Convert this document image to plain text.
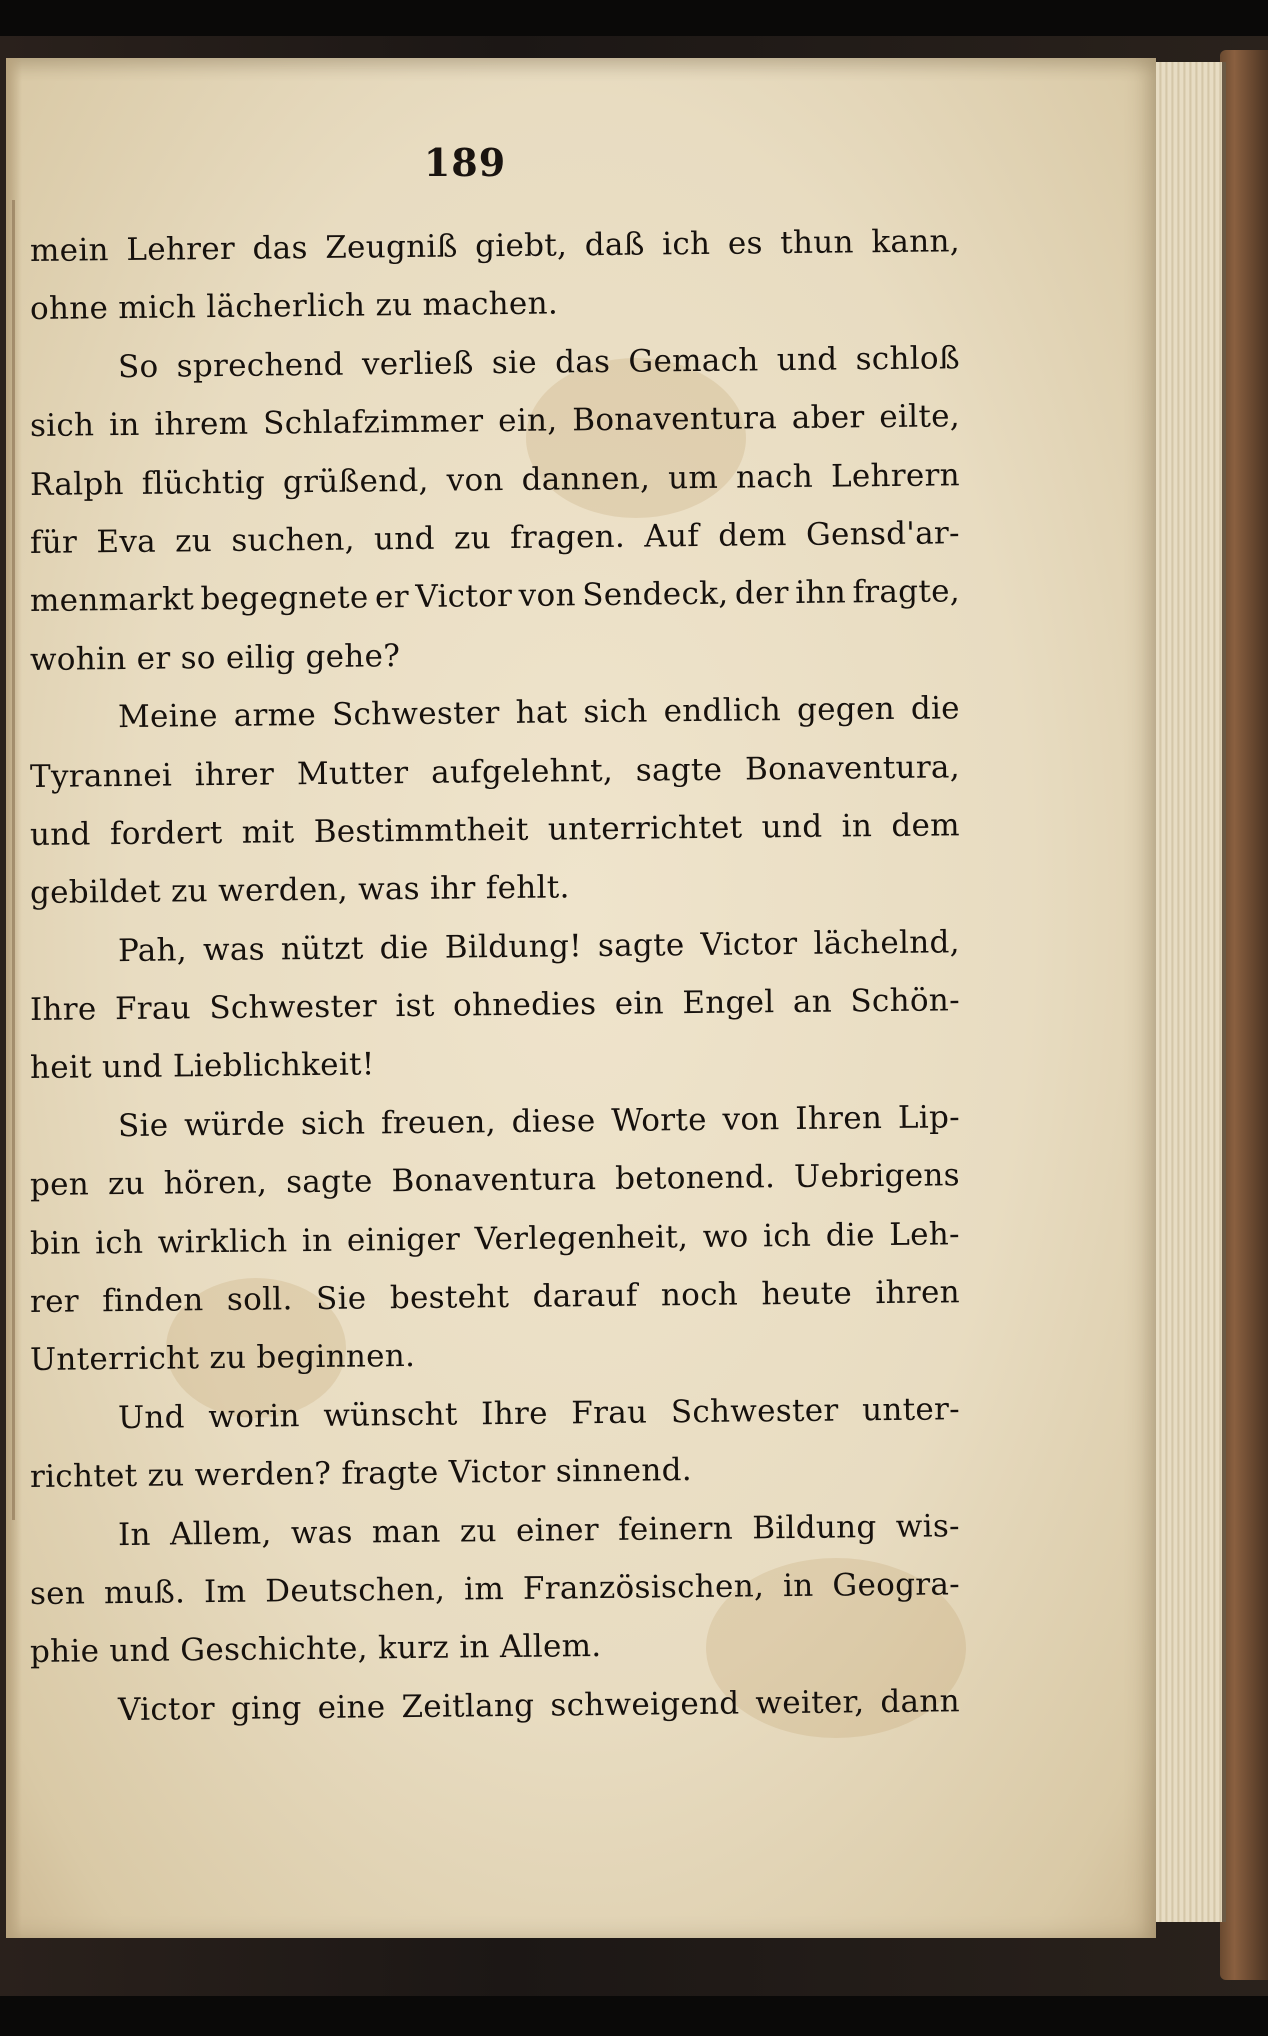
189
mein Lehrer das Zeugniß giebt, daß ich es thun kann,
ohne mich lächerlich zu machen.
So sprechend verließ sie das Gemach und schloß
sich in ihrem Schlafzimmer ein, Bonaventura aber eilte,
Ralph flüchtig grüßend, von dannen, um nach Lehrern
für Eva zu suchen, und zu fragen. Auf dem Gensd'ar-
menmarkt begegnete er Victor von Sendeck, der ihn fragte,
wohin er so eilig gehe?
Meine arme Schwester hat sich endlich gegen die
Tyrannei ihrer Mutter aufgelehnt, sagte Bonaventura,
und fordert mit Bestimmtheit unterrichtet und in dem
gebildet zu werden, was ihr fehlt.
Pah, was nützt die Bildung! sagte Victor lächelnd,
Ihre Frau Schwester ist ohnedies ein Engel an Schön-
heit und Lieblichkeit!
Sie würde sich freuen, diese Worte von Ihren Lip-
pen zu hören, sagte Bonaventura betonend. Uebrigens
bin ich wirklich in einiger Verlegenheit, wo ich die Leh-
rer finden soll. Sie besteht darauf noch heute ihren
Unterricht zu beginnen.
Und worin wünscht Ihre Frau Schwester unter-
richtet zu werden? fragte Victor sinnend.
In Allem, was man zu einer feinern Bildung wis-
sen muß. Im Deutschen, im Französischen, in Geogra-
phie und Geschichte, kurz in Allem.
Victor ging eine Zeitlang schweigend weiter, dann
